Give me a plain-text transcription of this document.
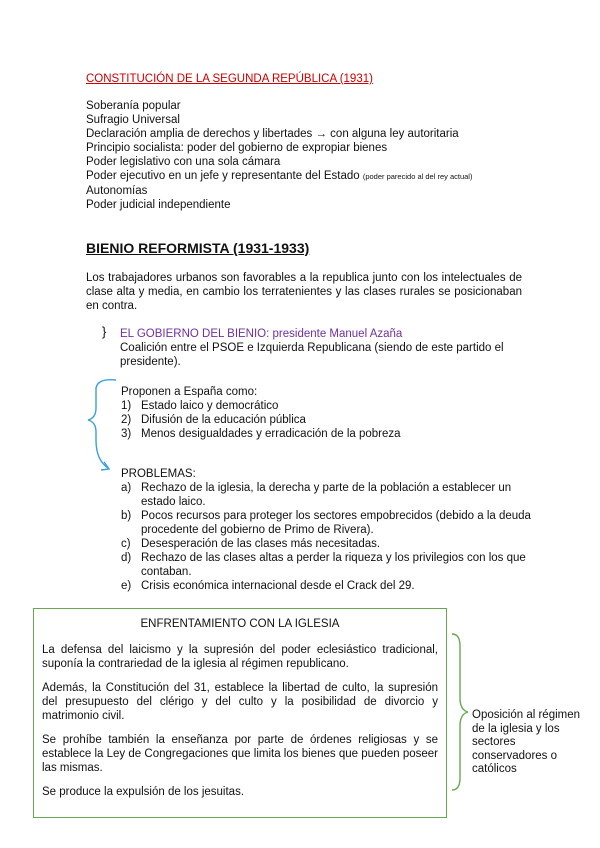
CONSTITUCIÓN DE LA SEGUNDA REPÚBLICA (1931)
Soberanía popular
Sufragio Universal
Declaración amplia de derechos y libertades → con alguna ley autoritaria
Principio socialista: poder del gobierno de expropiar bienes
Poder legislativo con una sola cámara
Poder ejecutivo en un jefe y representante del Estado (poder parecido al del rey actual)
Autonomías
Poder judicial independiente
BIENIO REFORMISTA (1931-1933)
Los trabajadores urbanos son favorables a la republica junto con los intelectuales de clase alta y media, en cambio los terratenientes y las clases rurales se posicionaban en contra.
} EL GOBIERNO DEL BIENIO: presidente Manuel Azaña
Coalición entre el PSOE e Izquierda Republicana (siendo de este partido el presidente).
Proponen a España como:
1) Estado laico y democrático
2) Difusión de la educación pública
3) Menos desigualdades y erradicación de la pobreza
PROBLEMAS:
a) Rechazo de la iglesia, la derecha y parte de la población a establecer un estado laico.
b) Pocos recursos para proteger los sectores empobrecidos (debido a la deuda procedente del gobierno de Primo de Rivera).
c) Desesperación de las clases más necesitadas.
d) Rechazo de las clases altas a perder la riqueza y los privilegios con los que contaban.
e) Crisis económica internacional desde el Crack del 29.
ENFRENTAMIENTO CON LA IGLESIA

La defensa del laicismo y la supresión del poder eclesiástico tradicional, suponía la contrariedad de la iglesia al régimen republicano.

Además, la Constitución del 31, establece la libertad de culto, la supresión del presupuesto del clérigo y del culto y la posibilidad de divorcio y matrimonio civil.

Se prohíbe también la enseñanza por parte de órdenes religiosas y se establece la Ley de Congregaciones que limita los bienes que pueden poseer las mismas.

Se produce la expulsión de los jesuitas.

Oposición al régimen de la iglesia y los sectores conservadores o católicos
